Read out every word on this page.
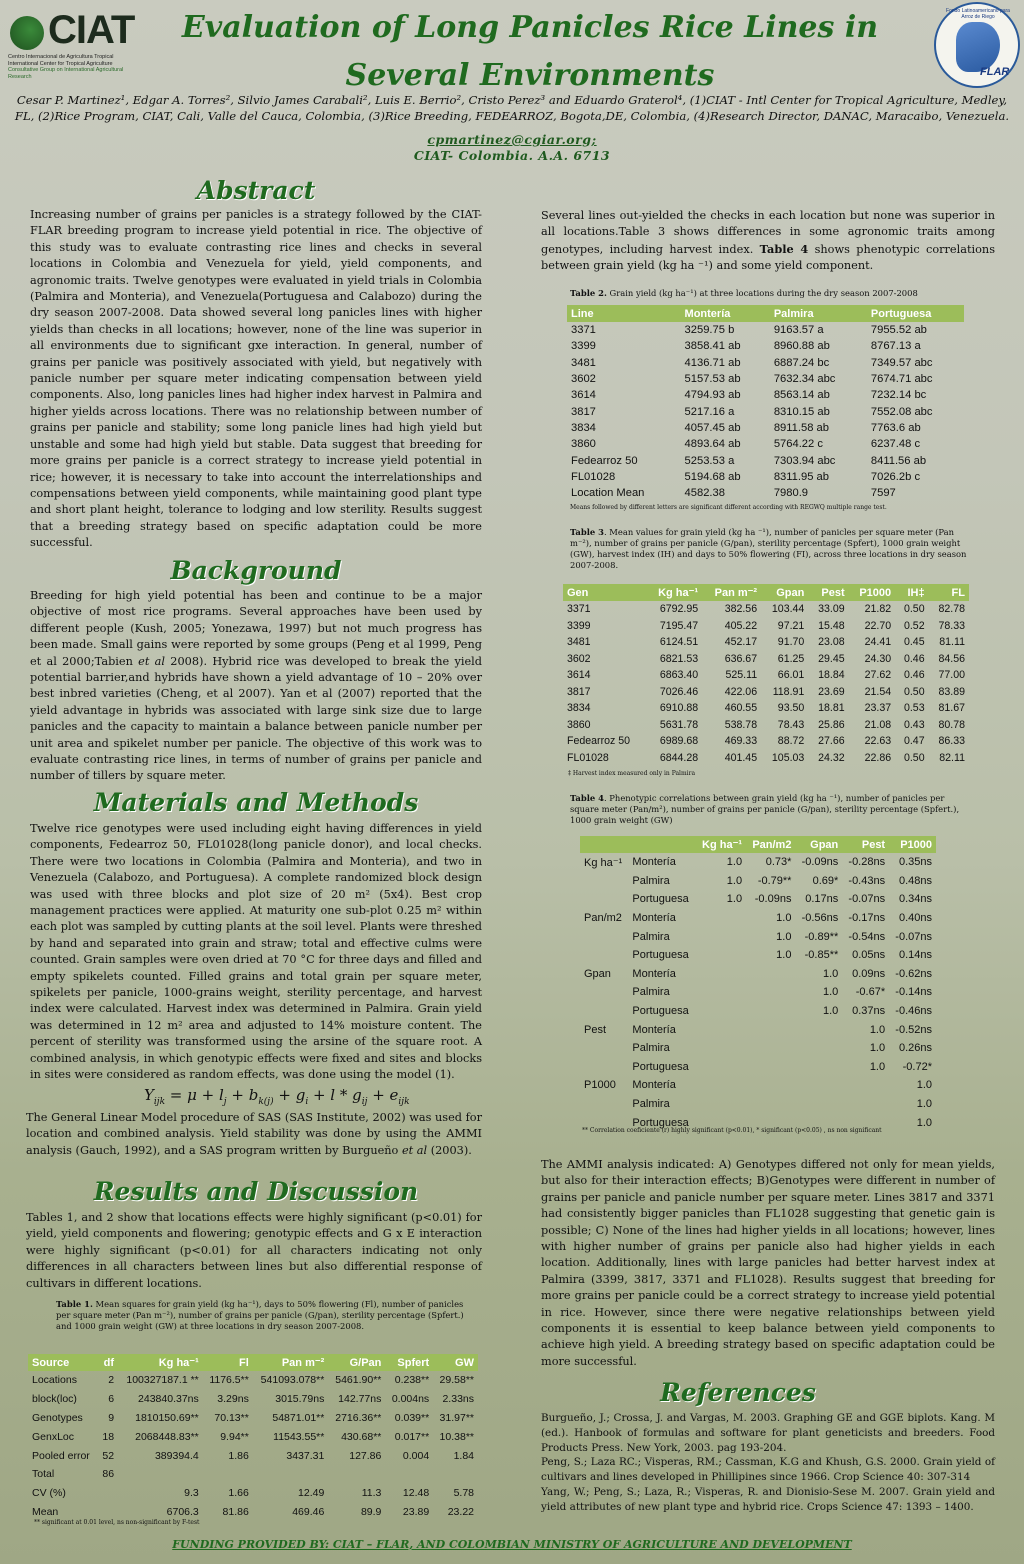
CIAT
Centro Internacional de Agricultura Tropical
International Center for Tropical Agriculture
Consultative Group on International Agricultural Research
Fondo Latinoamericano para Arroz de Riego
FLAR
Evaluation of Long Panicles Rice Lines in Several Environments
Cesar P. Martinez¹, Edgar A. Torres², Silvio James Carabali², Luis E. Berrio², Cristo Perez³ and Eduardo Graterol⁴, (1)CIAT - Intl Center for Tropical Agriculture, Medley, FL, (2)Rice Program, CIAT, Cali, Valle del Cauca, Colombia, (3)Rice Breeding, FEDEARROZ, Bogota,DE, Colombia, (4)Research Director, DANAC, Maracaibo, Venezuela.
cpmartinez@cgiar.org;
CIAT- Colombia. A.A. 6713
Abstract
Increasing number of grains per panicles is a strategy followed by the CIAT-FLAR breeding program to increase yield potential in rice. The objective of this study was to evaluate contrasting rice lines and checks in several locations in Colombia and Venezuela for yield, yield components, and agronomic traits. Twelve genotypes were evaluated in yield trials in Colombia (Palmira and Monteria), and Venezuela(Portuguesa and Calabozo) during the dry season 2007-2008. Data showed several long panicles lines with higher yields than checks in all locations; however, none of the line was superior in all environments due to significant gxe interaction. In general, number of grains per panicle was positively associated with yield, but negatively with panicle number per square meter indicating compensation between yield components. Also, long panicles lines had higher index harvest in Palmira and higher yields across locations. There was no relationship between number of grains per panicle and stability; some long panicle lines had high yield but unstable and some had high yield but stable. Data suggest that breeding for more grains per panicle is a correct strategy to increase yield potential in rice; however, it is necessary to take into account the interrelationships and compensations between yield components, while maintaining good plant type and short plant height, tolerance to lodging and low sterility. Results suggest that a breeding strategy based on specific adaptation could be more successful.
Background
Breeding for high yield potential has been and continue to be a major objective of most rice programs. Several approaches have been used by different people (Kush, 2005; Yonezawa, 1997) but not much progress has been made. Small gains were reported by some groups (Peng et al 1999, Peng et al 2000;Tabien et al 2008). Hybrid rice was developed to break the yield potential barrier,and hybrids have shown a yield advantage of 10 – 20% over best inbred varieties (Cheng, et al 2007). Yan et al (2007) reported that the yield advantage in hybrids was associated with large sink size due to large panicles and the capacity to maintain a balance between panicle number per unit area and spikelet number per panicle. The objective of this work was to evaluate contrasting rice lines, in terms of number of grains per panicle and number of tillers by square meter.
Materials and Methods
Twelve rice genotypes were used including eight having differences in yield components, Fedearroz 50, FL01028(long panicle donor), and local checks. There were two locations in Colombia (Palmira and Monteria), and two in Venezuela (Calabozo, and Portuguesa). A complete randomized block design was used with three blocks and plot size of 20 m² (5x4). Best crop management practices were applied. At maturity one sub-plot 0.25 m² within each plot was sampled by cutting plants at the soil level. Plants were threshed by hand and separated into grain and straw; total and effective culms were counted. Grain samples were oven dried at 70 °C for three days and filled and empty spikelets counted. Filled grains and total grain per square meter, spikelets per panicle, 1000-grains weight, sterility percentage, and harvest index were calculated. Harvest index was determined in Palmira. Grain yield was determined in 12 m² area and adjusted to 14% moisture content. The percent of sterility was transformed using the arsine of the square root. A combined analysis, in which genotypic effects were fixed and sites and blocks in sites were considered as random effects, was done using the model (1).
$Y_{ijk} = \mu + l_j + b_{k(j)} + g_i + l * g_{ij} + e_{ijk}$
The General Linear Model procedure of SAS (SAS Institute, 2002) was used for location and combined analysis. Yield stability was done by using the AMMI analysis (Gauch, 1992), and a SAS program written by Burgueño et al (2003).
Results and Discussion
Tables 1, and 2 show that locations effects were highly significant (p<0.01) for yield, yield components and flowering; genotypic effects and G x E interaction were highly significant (p<0.01) for all characters indicating not only differences in all characters between lines but also differential response of cultivars in different locations.
Table 1. Mean squares for grain yield (kg ha⁻¹), days to 50% flowering (Fl), number of panicles per square meter (Pan m⁻²), number of grains per panicle (G/pan), sterility percentage (Spfert.) and 1000 grain weight (GW) at three locations in dry season 2007-2008.
Source	df	Kg ha⁻¹	Fl	Pan m⁻²	G/Pan	Spfert	GW
Locations	2	100327187.1 **	1176.5**	541093.078**	5461.90**	0.238**	29.58**
block(loc)	6	243840.37ns	3.29ns	3015.79ns	142.77ns	0.004ns	2.33ns
Genotypes	9	1810150.69**	70.13**	54871.01**	2716.36**	0.039**	31.97**
GenxLoc	18	2068448.83**	9.94**	11543.55**	430.68**	0.017**	10.38**
Pooled error	52	389394.4	1.86	3437.31	127.86	0.004	1.84
Total	86						
CV (%)		9.3	1.66	12.49	11.3	12.48	5.78
Mean		6706.3	81.86	469.46	89.9	23.89	23.22
** significant at 0.01 level, ns non-significant by F-test
Several lines out-yielded the checks in each location but none was superior in all locations.Table 3 shows differences in some agronomic traits among genotypes, including harvest index. Table 4 shows phenotypic correlations between grain yield (kg ha ⁻¹) and some yield component.
Table 2. Grain yield (kg ha⁻¹) at three locations during the dry season 2007-2008
Line	Montería	Palmira	Portuguesa
3371	3259.75 b	9163.57 a	7955.52 ab
3399	3858.41 ab	8960.88 ab	8767.13 a
3481	4136.71 ab	6887.24 bc	7349.57 abc
3602	5157.53 ab	7632.34 abc	7674.71 abc
3614	4794.93 ab	8563.14 ab	7232.14 bc
3817	5217.16 a	8310.15 ab	7552.08 abc
3834	4057.45 ab	8911.58 ab	7763.6 ab
3860	4893.64 ab	5764.22 c	6237.48 c
Fedearroz 50	5253.53 a	7303.94 abc	8411.56 ab
FL01028	5194.68 ab	8311.95 ab	7026.2b c
Location Mean	4582.38	7980.9	7597
Means followed by different letters are significant different according with REGWQ multiple range test.
Table 3. Mean values for grain yield (kg ha ⁻¹), number of panicles per square meter (Pan m⁻²), number of grains per panicle (G/pan), sterility percentage (Spfert), 1000 grain weight (GW), harvest index (IH) and days to 50% flowering (FI), across three locations in dry season 2007-2008.
Gen	Kg ha⁻¹	Pan m⁻²	Gpan	Pest	P1000	IH‡	FL
3371	6792.95	382.56	103.44	33.09	21.82	0.50	82.78
3399	7195.47	405.22	97.21	15.48	22.70	0.52	78.33
3481	6124.51	452.17	91.70	23.08	24.41	0.45	81.11
3602	6821.53	636.67	61.25	29.45	24.30	0.46	84.56
3614	6863.40	525.11	66.01	18.84	27.62	0.46	77.00
3817	7026.46	422.06	118.91	23.69	21.54	0.50	83.89
3834	6910.88	460.55	93.50	18.81	23.37	0.53	81.67
3860	5631.78	538.78	78.43	25.86	21.08	0.43	80.78
Fedearroz 50	6989.68	469.33	88.72	27.66	22.63	0.47	86.33
FL01028	6844.28	401.45	105.03	24.32	22.86	0.50	82.11
‡ Harvest index measured only in Palmira
Table 4. Phenotypic correlations between grain yield (kg ha ⁻¹), number of panicles per square meter (Pan/m²), number of grains per panicle (G/pan), sterility percentage (Spfert.), 1000 grain weight (GW)
		Kg ha⁻¹	Pan/m2	Gpan	Pest	P1000
Kg ha⁻¹	Montería	1.0	0.73*	-0.09ns	-0.28ns	0.35ns
	Palmira	1.0	-0.79**	0.69*	-0.43ns	0.48ns
	Portuguesa	1.0	-0.09ns	0.17ns	-0.07ns	0.34ns
Pan/m2	Montería		1.0	-0.56ns	-0.17ns	0.40ns
	Palmira		1.0	-0.89**	-0.54ns	-0.07ns
	Portuguesa		1.0	-0.85**	0.05ns	0.14ns
Gpan	Montería			1.0	0.09ns	-0.62ns
	Palmira			1.0	-0.67*	-0.14ns
	Portuguesa			1.0	0.37ns	-0.46ns
Pest	Montería				1.0	-0.52ns
	Palmira				1.0	0.26ns
	Portuguesa				1.0	-0.72*
P1000	Montería					1.0
	Palmira					1.0
	Portuguesa					1.0
** Correlation coeficiente (r) highly significant (p<0.01), * significant (p<0.05) , ns non significant
The AMMI analysis indicated: A) Genotypes differed not only for mean yields, but also for their interaction effects; B)Genotypes were different in number of grains per panicle and panicle number per square meter. Lines 3817 and 3371 had consistently bigger panicles than FL1028 suggesting that genetic gain is possible; C) None of the lines had higher yields in all locations; however, lines with higher number of grains per panicle also had higher yields in each location. Additionally, lines with large panicles had better harvest index at Palmira (3399, 3817, 3371 and FL1028). Results suggest that breeding for more grains per panicle could be a correct strategy to increase yield potential in rice. However, since there were negative relationships between yield components it is essential to keep balance between yield components to achieve high yield. A breeding strategy based on specific adaptation could be more successful.
References

Burgueño, J.; Crossa, J. and Vargas, M. 2003. Graphing GE and GGE biplots. Kang. M (ed.). Hanbook of formulas and software for plant geneticists and breeders. Food Products Press. New York, 2003. pag 193-204.

Peng, S.; Laza RC.; Visperas, RM.; Cassman, K.G and Khush, G.S. 2000. Grain yield of cultivars and lines developed in Phillipines since 1966. Crop Science 40: 307-314

Yang, W.; Peng, S.; Laza, R.; Visperas, R. and Dionisio-Sese M. 2007. Grain yield and yield attributes of new plant type and hybrid rice. Crops Science 47: 1393 – 1400.

FUNDING PROVIDED BY: CIAT – FLAR, AND COLOMBIAN MINISTRY OF AGRICULTURE AND DEVELOPMENT
